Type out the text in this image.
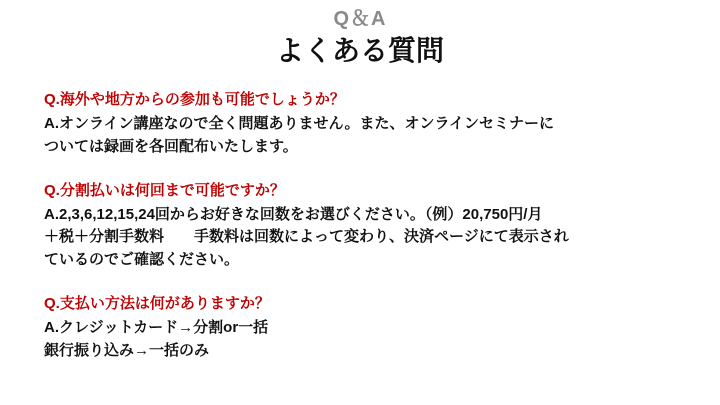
Q＆A
よくある質問
Q.海外や地方からの参加も可能でしょうか？
A.オンライン講座なので全く問題ありません。また、オンラインセミナーに
ついては録画を各回配布いたします。
Q.分割払いは何回まで可能ですか？
A.2,3,6,12,15,24回からお好きな回数をお選びください。（例）20,750円/月
＋税＋分割手数料　　手数料は回数によって変わり、決済ページにて表示され
ているのでご確認ください。
Q.支払い方法は何がありますか？
A.クレジットカード→分割or一括
銀行振り込み→一括のみ
